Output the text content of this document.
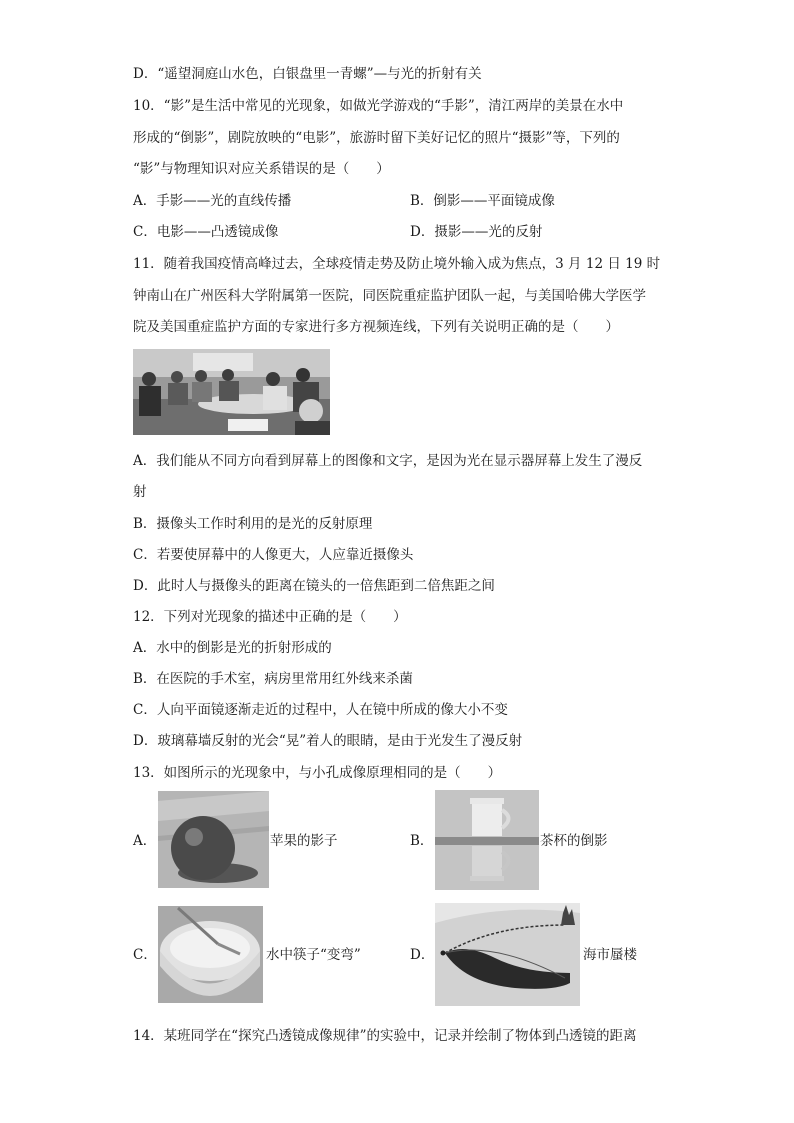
D．“遥望洞庭山水色，白银盘里一青螺”—与光的折射有关
10．“影”是生活中常见的光现象，如做光学游戏的“手影”，清江两岸的美景在水中
形成的“倒影”，剧院放映的“电影”，旅游时留下美好记忆的照片“摄影”等，下列的
“影”与物理知识对应关系错误的是（　　）
A．手影——光的直线传播	B．倒影——平面镜成像
C．电影——凸透镜成像	D．摄影——光的反射
11．随着我国疫情高峰过去，全球疫情走势及防止境外输入成为焦点，3 月 12 日 19 时
钟南山在广州医科大学附属第一医院，同医院重症监护团队一起，与美国哈佛大学医学
院及美国重症监护方面的专家进行多方视频连线，下列有关说明正确的是（　　）
A．我们能从不同方向看到屏幕上的图像和文字，是因为光在显示器屏幕上发生了漫反
射
B．摄像头工作时利用的是光的反射原理
C．若要使屏幕中的人像更大，人应靠近摄像头
D．此时人与摄像头的距离在镜头的一倍焦距到二倍焦距之间
12．下列对光现象的描述中正确的是（　　）
A．水中的倒影是光的折射形成的
B．在医院的手术室，病房里常用红外线来杀菌
C．人向平面镜逐渐走近的过程中，人在镜中所成的像大小不变
D．玻璃幕墙反射的光会“晃”着人的眼睛，是由于光发生了漫反射
13．如图所示的光现象中，与小孔成像原理相同的是（　　）
A．	苹果的影子	B．	茶杯的倒影
C．	水中筷子“变弯”	D．	海市蜃楼
14．某班同学在“探究凸透镜成像规律”的实验中，记录并绘制了物体到凸透镜的距离
